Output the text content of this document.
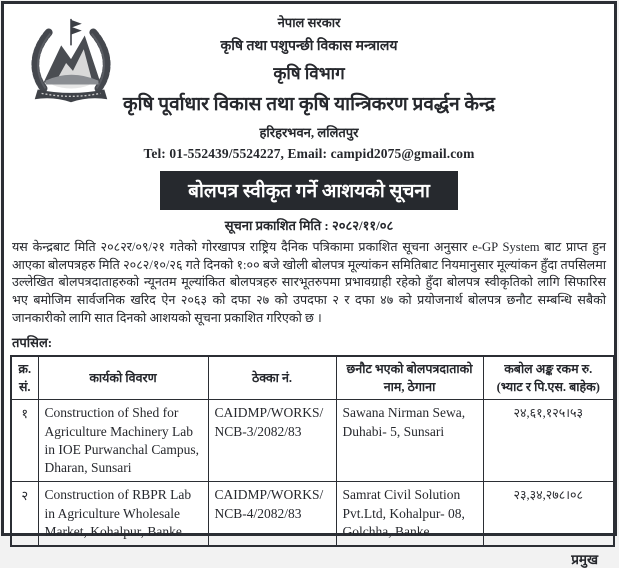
नेपाल सरकार
कृषि तथा पशुपन्छी विकास मन्त्रालय
कृषि विभाग
कृषि पूर्वाधार विकास तथा कृषि यान्त्रिकरण प्रवर्द्धन केन्द्र
हरिहरभवन, ललितपुर
Tel: 01-552439/5524227, Email: campid2075@gmail.com
बोलपत्र स्वीकृत गर्ने आशयको सूचना
सूचना प्रकाशित मिति : २०८२/११/०८
यस केन्द्रबाट मिति २०८२र/०९/२१ गतेको गोरखापत्र राष्ट्रिय दैनिक पत्रिकामा प्रकाशित सूचना अनुसार e-GP System बाट प्राप्त हुन आएका बोलपत्रहरु मिति २०८२/१०/२६ गते दिनको १:०० बजे खोली बोलपत्र मूल्यांकन समितिबाट नियमानुसार मूल्यांकन हुँदा तपसिलमा उल्लेखित बोलपत्रदाताहरुको न्यूनतम मूल्यांकित बोलपत्रहरु सारभूतरुपमा प्रभावग्राही रहेको हुँदा बोलपत्र स्वीकृतिको लागि सिफारिस भए बमोजिम सार्वजनिक खरिद ऐन २०६३ को दफा २७ को उपदफा २ र दफा ४७ को प्रयोजनार्थ बोलपत्र छनौट सम्बन्धि सबैको जानकारीको लागि सात दिनको आशयको सूचना प्रकाशित गरिएको छ ।
तपसिल:
क्र.
सं.	कार्यको विवरण	ठेक्का नं.	छनौट भएको बोलपत्रदाताको
नाम, ठेगाना	कबोल अङ्क रकम रु.
(भ्याट र पि.एस. बाहेक)
१	Construction of Shed for Agriculture Machinery Lab in IOE Purwanchal Campus, Dharan, Sunsari	CAIDMP/WORKS/
NCB-3/2082/83	Sawana Nirman Sewa, Duhabi- 5, Sunsari	२४,६१,१२५।५३
२	Construction of RBPR Lab in Agriculture Wholesale Market, Kohalpur, Banke	CAIDMP/WORKS/
NCB-4/2082/83	Samrat Civil Solution Pvt.Ltd, Kohalpur- 08, Golchha, Banke	२३,३४,२७८।०८
प्रमुख
